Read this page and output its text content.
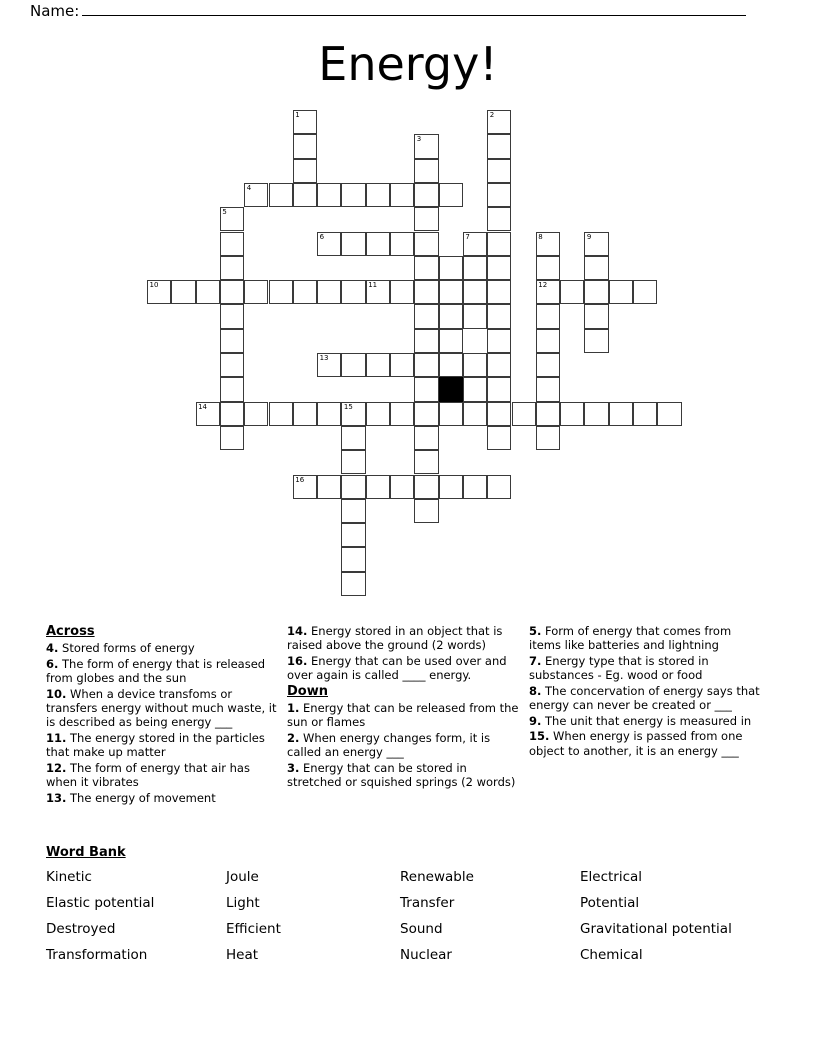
Name:
Energy!
1	2
3
4
5
6	7	8	9
10	11	12
13
14	15
16
Across
4. Stored forms of energy
6. The form of energy that is released from globes and the sun
10. When a device transfoms or transfers energy without much waste, it is described as being energy ___
11. The energy stored in the particles that make up matter
12. The form of energy that air has when it vibrates
13. The energy of movement
14. Energy stored in an object that is raised above the ground (2 words)
16. Energy that can be used over and over again is called ____ energy.
Down
1. Energy that can be released from the sun or flames
2. When energy changes form, it is called an energy ___
3. Energy that can be stored in stretched or squished springs (2 words)
5. Form of energy that comes from items like batteries and lightning
7. Energy type that is stored in substances - Eg. wood or food
8. The concervation of energy says that energy can never be created or ___
9. The unit that energy is measured in
15. When energy is passed from one object to another, it is an energy ___
Word Bank
Kinetic	Joule	Renewable	Electrical
Elastic potential	Light	Transfer	Potential
Destroyed	Efficient	Sound	Gravitational potential
Transformation	Heat	Nuclear	Chemical
